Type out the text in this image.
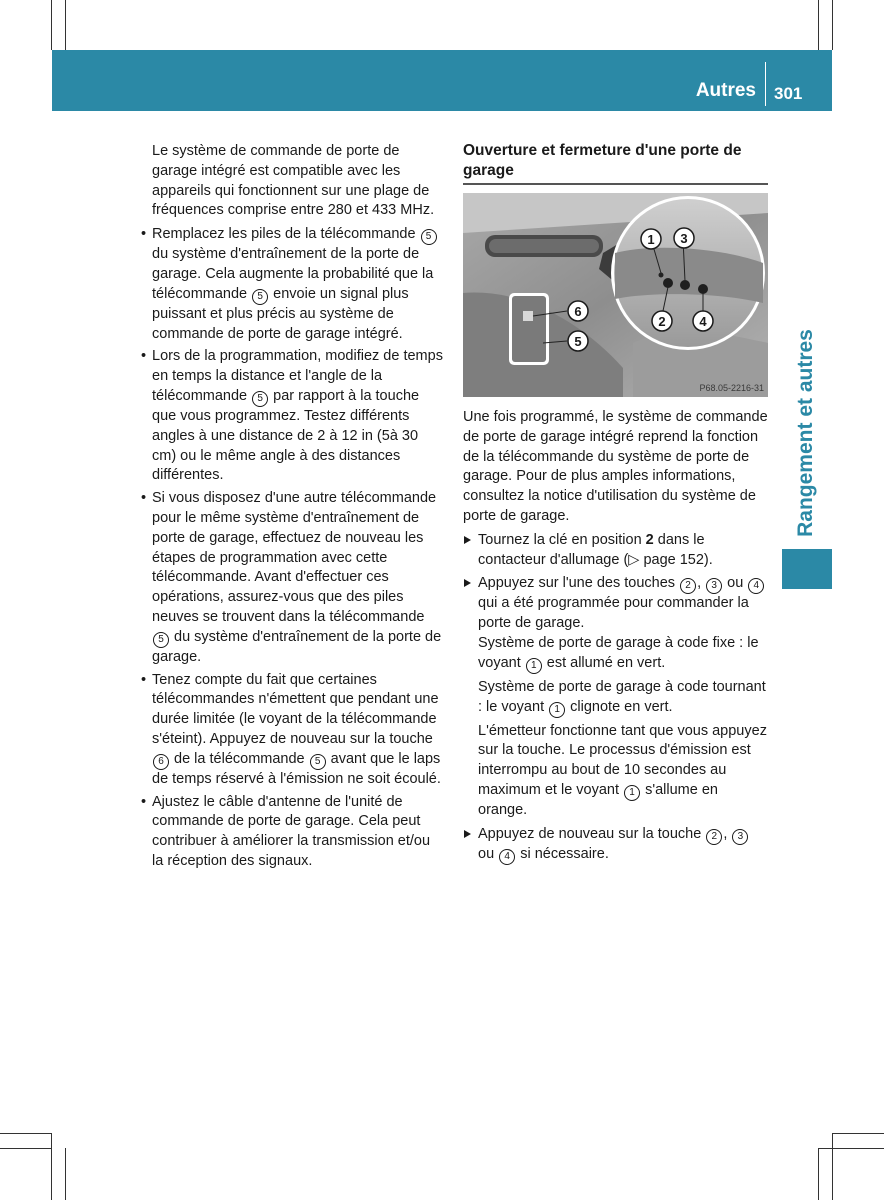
Autres 301
Rangement et autres

Le système de commande de porte de garage intégré est compatible avec les appareils qui fonctionnent sur une plage de fréquences comprise entre 280 et 433 MHz.

• Remplacez les piles de la télécommande 5 du système d'entraînement de la porte de garage. Cela augmente la probabilité que la télécommande 5 envoie un signal plus puissant et plus précis au système de commande de porte de garage intégré.
• Lors de la programmation, modifiez de temps en temps la distance et l'angle de la télécommande 5 par rapport à la touche que vous programmez. Testez différents angles à une distance de 2 à 12 in (5à 30 cm) ou le même angle à des distances différentes.
• Si vous disposez d'une autre télécommande pour le même système d'entraînement de porte de garage, effectuez de nouveau les étapes de programmation avec cette télécommande. Avant d'effectuer ces opérations, assurez-vous que des piles neuves se trouvent dans la télécommande 5 du système d'entraînement de la porte de garage.
• Tenez compte du fait que certaines télécommandes n'émettent que pendant une durée limitée (le voyant de la télécommande s'éteint). Appuyez de nouveau sur la touche 6 de la télécommande 5 avant que le laps de temps réservé à l'émission ne soit écoulé.
• Ajustez le câble d'antenne de l'unité de commande de porte de garage. Cela peut contribuer à améliorer la transmission et/ou la réception des signaux.
Ouverture et fermeture d'une porte de garage
1 3
2	4
6
5
P68.05-2216-31

Une fois programmé, le système de commande de porte de garage intégré reprend la fonction de la télécommande du système de porte de garage. Pour de plus amples informations, consultez la notice d'utilisation du système de porte de garage.

Tournez la clé en position 2 dans le contacteur d'allumage (▷ page 152).
Appuyez sur l'une des touches 2 , 3 ou 4 qui a été programmée pour commander la porte de garage.
Système de porte de garage à code fixe : le voyant 1 est allumé en vert.
Système de porte de garage à code tournant : le voyant 1 clignote en vert.
L'émetteur fonctionne tant que vous appuyez sur la touche. Le processus d'émission est interrompu au bout de 10 secondes au maximum et le voyant 1 s'allume en orange.
Appuyez de nouveau sur la touche 2 , 3 ou 4 si nécessaire.
